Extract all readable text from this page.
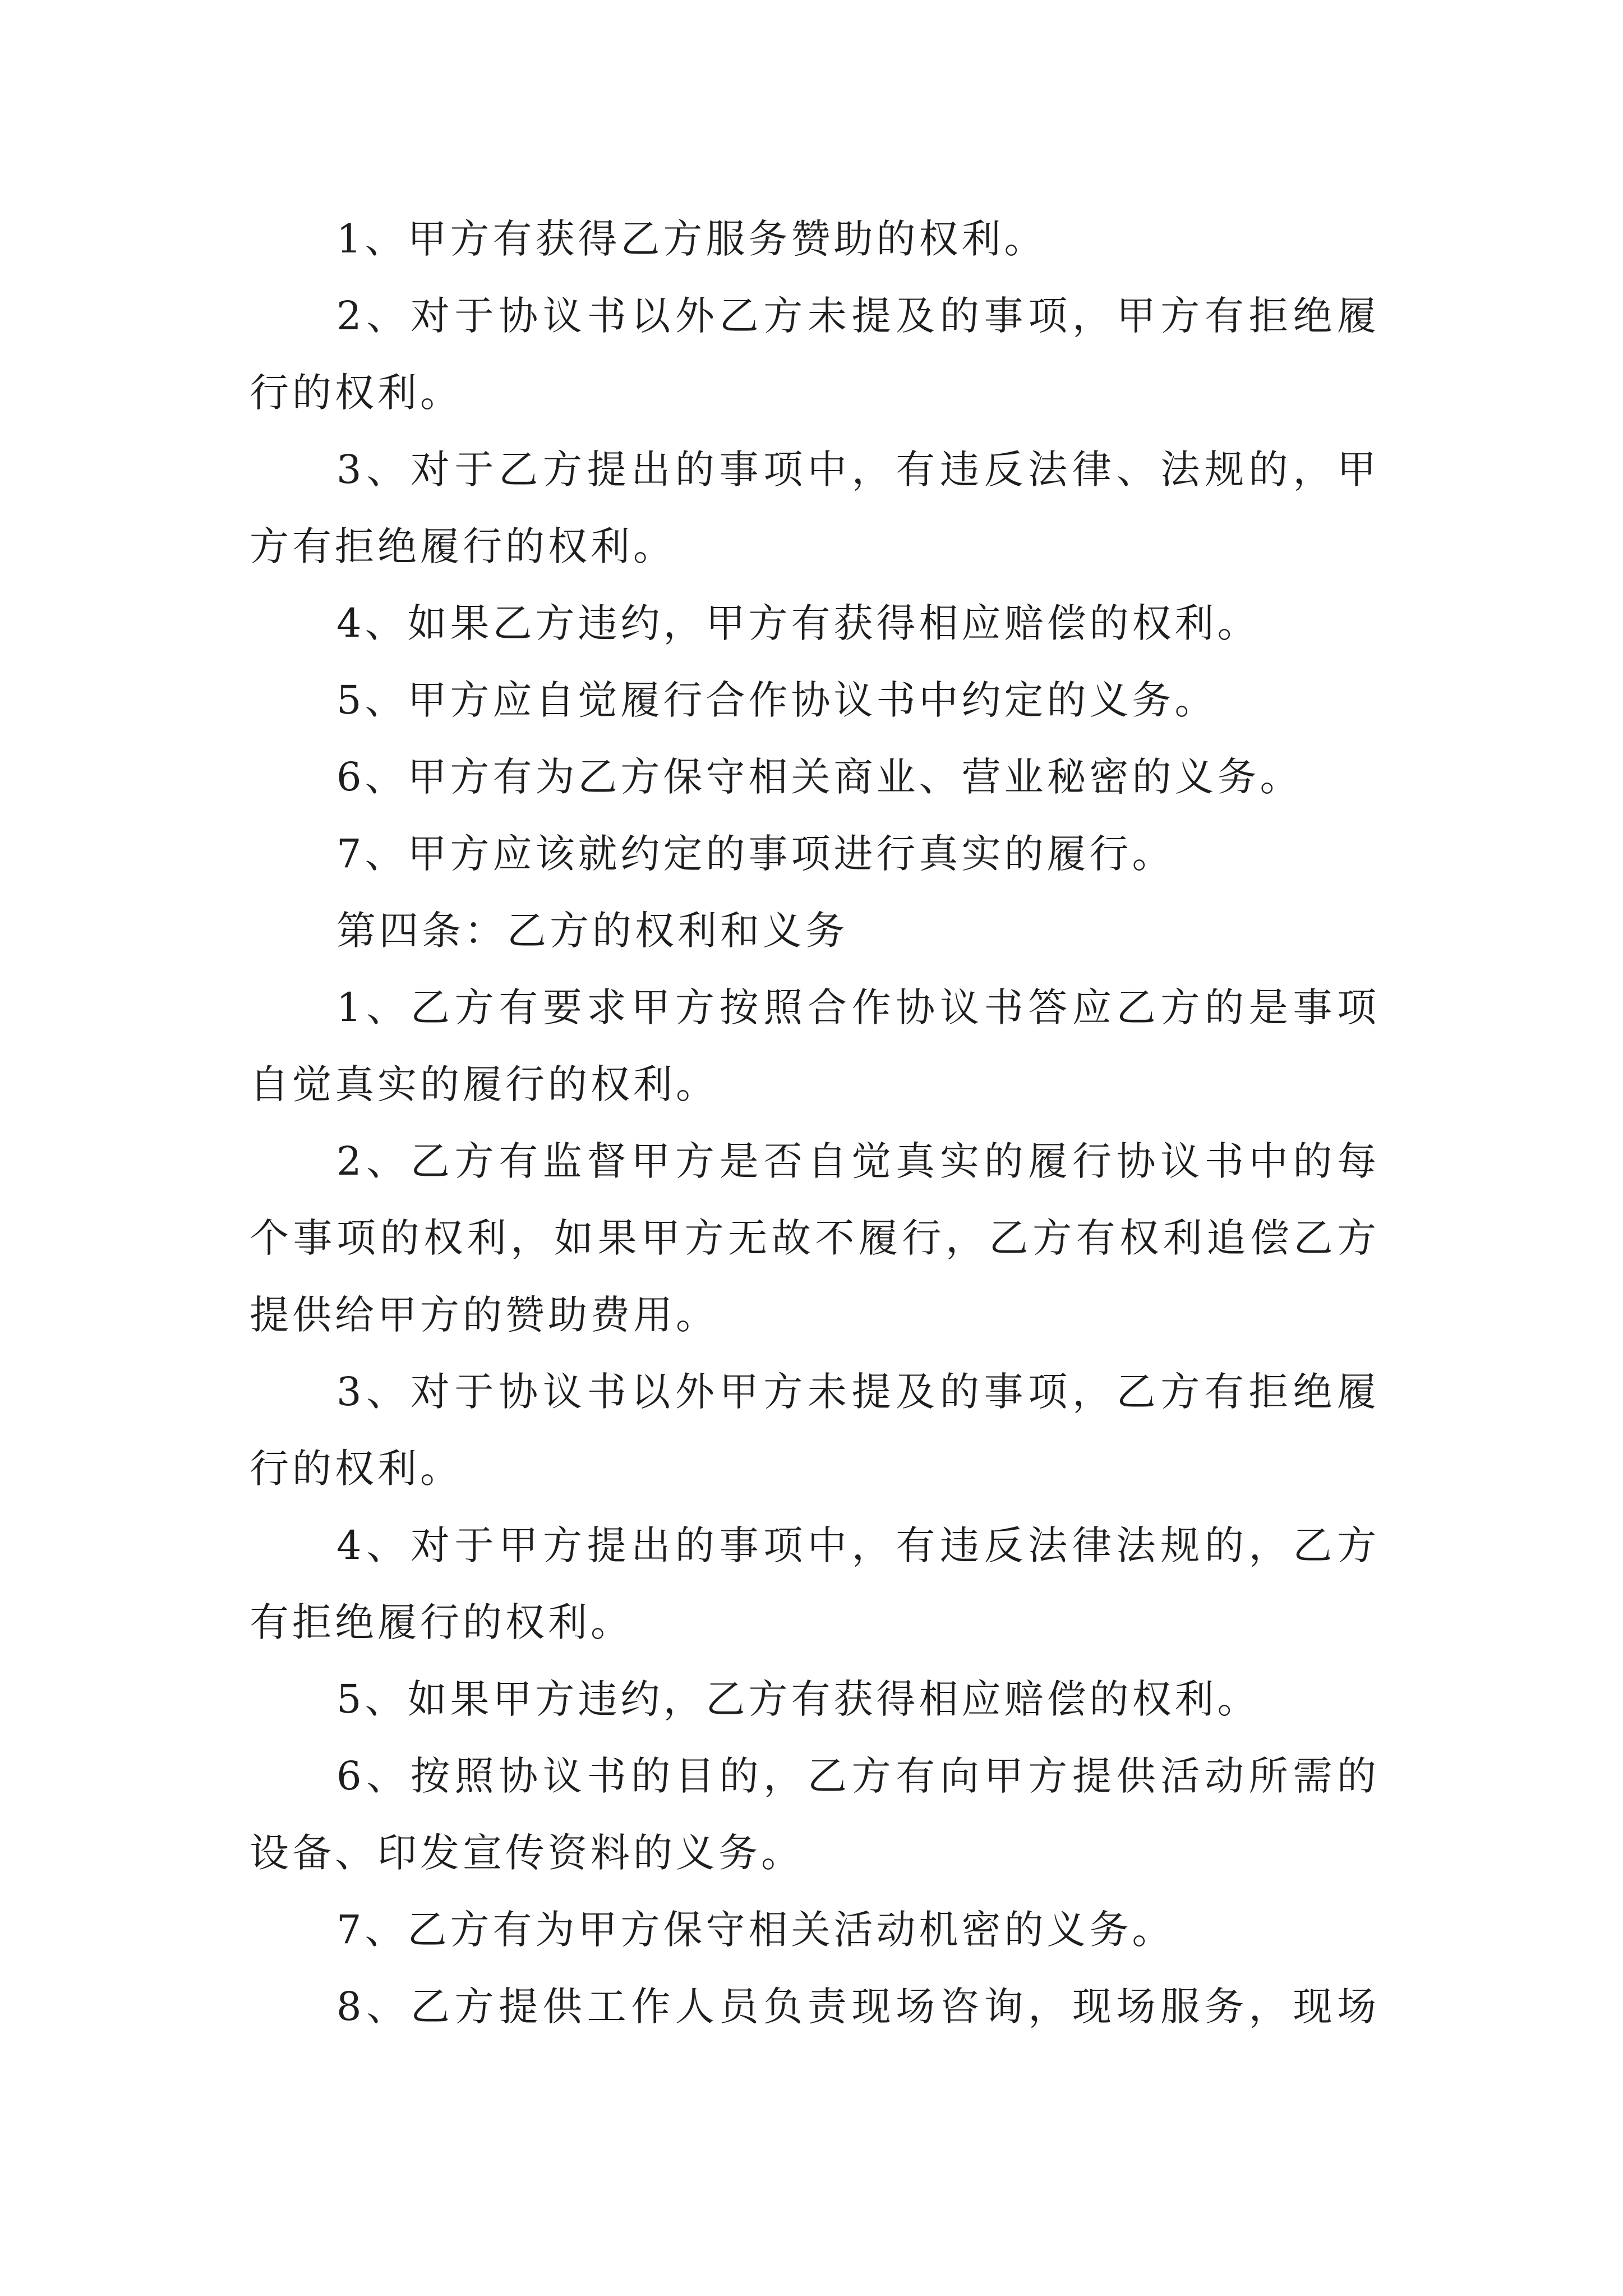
1、甲方有获得乙方服务赞助的权利。
2、对于协议书以外乙方未提及的事项，甲方有拒绝履
行的权利。
3、对于乙方提出的事项中，有违反法律、法规的，甲
方有拒绝履行的权利。
4、如果乙方违约，甲方有获得相应赔偿的权利。
5、甲方应自觉履行合作协议书中约定的义务。
6、甲方有为乙方保守相关商业、营业秘密的义务。
7、甲方应该就约定的事项进行真实的履行。
第四条：乙方的权利和义务
1、乙方有要求甲方按照合作协议书答应乙方的是事项
自觉真实的履行的权利。
2、乙方有监督甲方是否自觉真实的履行协议书中的每
个事项的权利，如果甲方无故不履行，乙方有权利追偿乙方
提供给甲方的赞助费用。
3、对于协议书以外甲方未提及的事项，乙方有拒绝履
行的权利。
4、对于甲方提出的事项中，有违反法律法规的，乙方
有拒绝履行的权利。
5、如果甲方违约，乙方有获得相应赔偿的权利。
6、按照协议书的目的，乙方有向甲方提供活动所需的
设备、印发宣传资料的义务。
7、乙方有为甲方保守相关活动机密的义务。
8、乙方提供工作人员负责现场咨询，现场服务，现场
